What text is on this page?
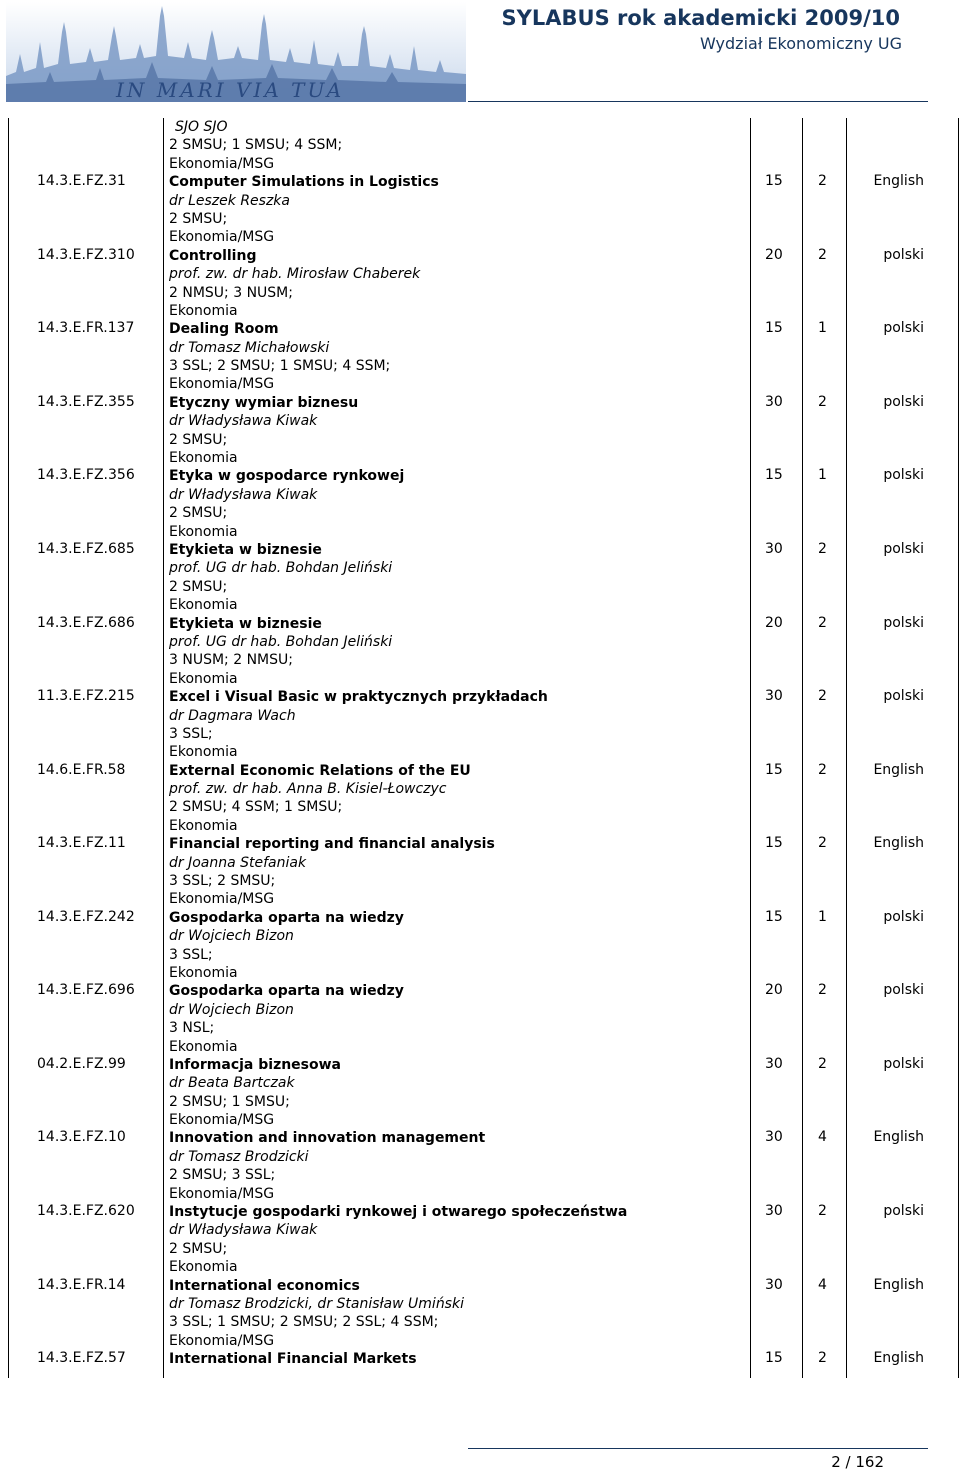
IN MARI VIA TUA
SYLABUS rok akademicki 2009/10
Wydział Ekonomiczny UG
SJO SJO
2 SMSU; 1 SMSU; 4 SSM;
Ekonomia/MSG
14.3.E.FZ.31	Computer Simulations in Logistics
dr Leszek Reszka
2 SMSU;
Ekonomia/MSG
15	2	English
14.3.E.FZ.310 Controlling
prof. zw. dr hab. Mirosław Chaberek
2 NMSU; 3 NUSM;
Ekonomia
20	2	polski
14.3.E.FR.137 Dealing Room
dr Tomasz Michałowski
3 SSL; 2 SMSU; 1 SMSU; 4 SSM;
Ekonomia/MSG
15	1	polski
14.3.E.FZ.355 Etyczny wymiar biznesu
dr Władysława Kiwak
2 SMSU;
Ekonomia
30	2	polski
14.3.E.FZ.356 Etyka w gospodarce rynkowej
dr Władysława Kiwak
2 SMSU;
Ekonomia
15	1	polski
14.3.E.FZ.685 Etykieta w biznesie
prof. UG dr hab. Bohdan Jeliński
2 SMSU;
Ekonomia
30	2	polski
14.3.E.FZ.686 Etykieta w biznesie
prof. UG dr hab. Bohdan Jeliński
3 NUSM; 2 NMSU;
Ekonomia
20	2	polski
11.3.E.FZ.215 Excel i Visual Basic w praktycznych przykładach
dr Dagmara Wach
3 SSL;
Ekonomia
30	2	polski
14.6.E.FR.58	External Economic Relations of the EU
prof. zw. dr hab. Anna B. Kisiel-Łowczyc
2 SMSU; 4 SSM; 1 SMSU;
Ekonomia
15	2	English
14.3.E.FZ.11	Financial reporting and financial analysis
dr Joanna Stefaniak
3 SSL; 2 SMSU;
Ekonomia/MSG
15	2	English
14.3.E.FZ.242 Gospodarka oparta na wiedzy
dr Wojciech Bizon
3 SSL;
Ekonomia
15	1	polski
14.3.E.FZ.696 Gospodarka oparta na wiedzy
dr Wojciech Bizon
3 NSL;
Ekonomia
20	2	polski
04.2.E.FZ.99	Informacja biznesowa
dr Beata Bartczak
2 SMSU; 1 SMSU;
Ekonomia/MSG
30	2	polski
14.3.E.FZ.10	Innovation and innovation management
dr Tomasz Brodzicki
2 SMSU; 3 SSL;
Ekonomia/MSG
30	4	English
14.3.E.FZ.620 Instytucje gospodarki rynkowej i otwarego społeczeństwa
dr Władysława Kiwak
2 SMSU;
Ekonomia
30	2	polski
14.3.E.FR.14	International economics
dr Tomasz Brodzicki, dr Stanisław Umiński
3 SSL; 1 SMSU; 2 SMSU; 2 SSL; 4 SSM;
Ekonomia/MSG
30	4	English
14.3.E.FZ.57	International Financial Markets	15	2	English
2 / 162
